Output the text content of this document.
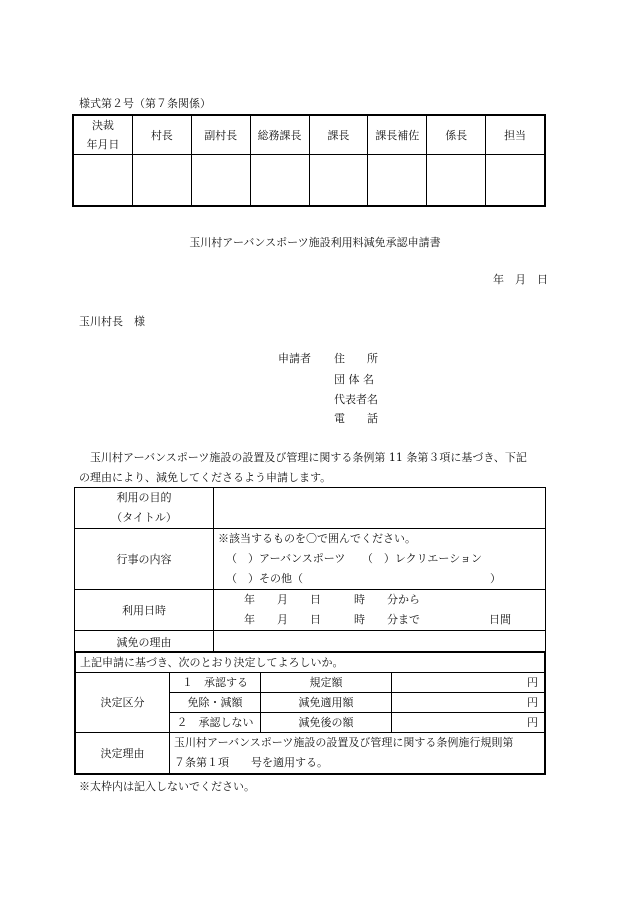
様式第２号（第７条関係）
決裁
年月日	村長	副村長	総務課長	課長	課長補佐	係長	担当

玉川村アーバンスポーツ施設利用料減免承認申請書
年　月　日
玉川村長　様
申請者 住　　所
団 体 名
代表者名
電　　話
　玉川村アーバンスポーツ施設の設置及び管理に関する条例第 11 条第３項に基づき、下記
の理由により、減免してくださるよう申請します。
利用の目的
（タイトル）	

行事の内容	※該当するものを〇で囲んでください。
（　）アーバンスポーツ　　（　）レクリエーション
（　）その他（　　　　　　　　　　　　　　　　　）

利用日時	年　　月　　日　　　時　　分から
年　　月　　日　　　時　　分まで 日間

減免の理由	
上記申請に基づき、次のとおり決定してよろしいか。			
決定区分	１　承認する	規定額	円
	免除・減額	減免適用額	円
	２　承認しない	減免後の額	円
決定理由	玉川村アーバンスポーツ施設の設置及び管理に関する条例施行規則第
７条第１項　　号を適用する。		
※太枠内は記入しないでください。
